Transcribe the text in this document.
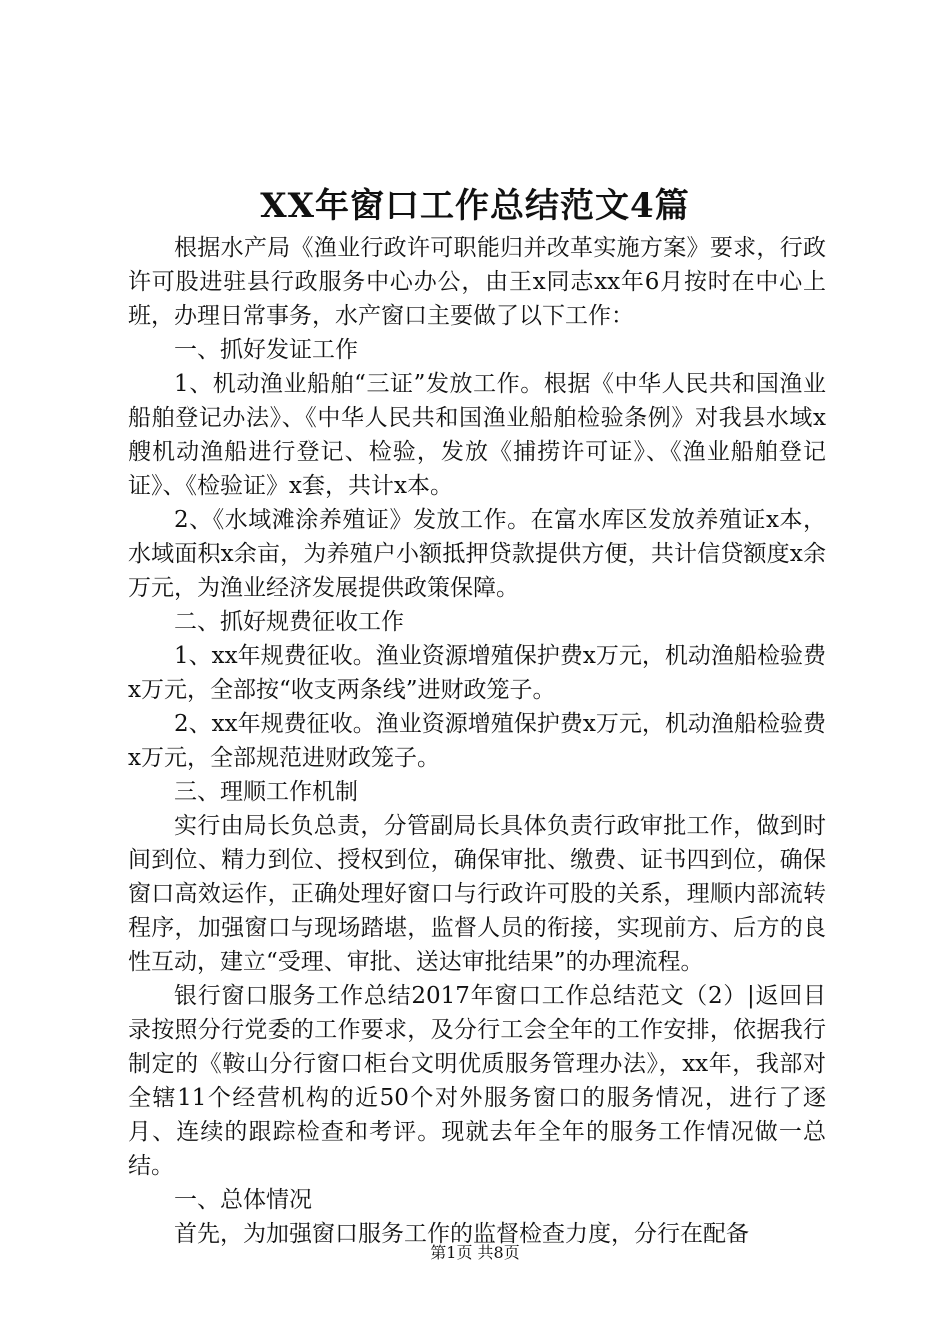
XX年窗口工作总结范文4篇

根据水产局《渔业行政许可职能归并改革实施方案》要求，行政许可股进驻县行政服务中心办公，由王x同志xx年6月按时在中心上班，办理日常事务，水产窗口主要做了以下工作：

一、抓好发证工作

1、机动渔业船舶“三证”发放工作。根据《中华人民共和国渔业船舶登记办法》、《中华人民共和国渔业船舶检验条例》对我县水域x艘机动渔船进行登记、检验，发放《捕捞许可证》、《渔业船舶登记证》、《检验证》x套，共计x本。

2、《水域滩涂养殖证》发放工作。在富水库区发放养殖证x本，水域面积x余亩，为养殖户小额抵押贷款提供方便，共计信贷额度x余万元，为渔业经济发展提供政策保障。

二、抓好规费征收工作

1、xx年规费征收。渔业资源增殖保护费x万元，机动渔船检验费x万元，全部按“收支两条线”进财政笼子。

2、xx年规费征收。渔业资源增殖保护费x万元，机动渔船检验费x万元，全部规范进财政笼子。

三、理顺工作机制

实行由局长负总责，分管副局长具体负责行政审批工作，做到时间到位、精力到位、授权到位，确保审批、缴费、证书四到位，确保窗口高效运作，正确处理好窗口与行政许可股的关系，理顺内部流转程序，加强窗口与现场踏堪，监督人员的衔接，实现前方、后方的良性互动，建立“受理、审批、送达审批结果”的办理流程。

银行窗口服务工作总结2017年窗口工作总结范文（2）|返回目录按照分行党委的工作要求，及分行工会全年的工作安排，依据我行制定的《鞍山分行窗口柜台文明优质服务管理办法》，xx年，我部对全辖11个经营机构的近50个对外服务窗口的服务情况，进行了逐月、连续的跟踪检查和考评。现就去年全年的服务工作情况做一总结。

一、总体情况

首先，为加强窗口服务工作的监督检查力度，分行在配备

第1页 共8页
